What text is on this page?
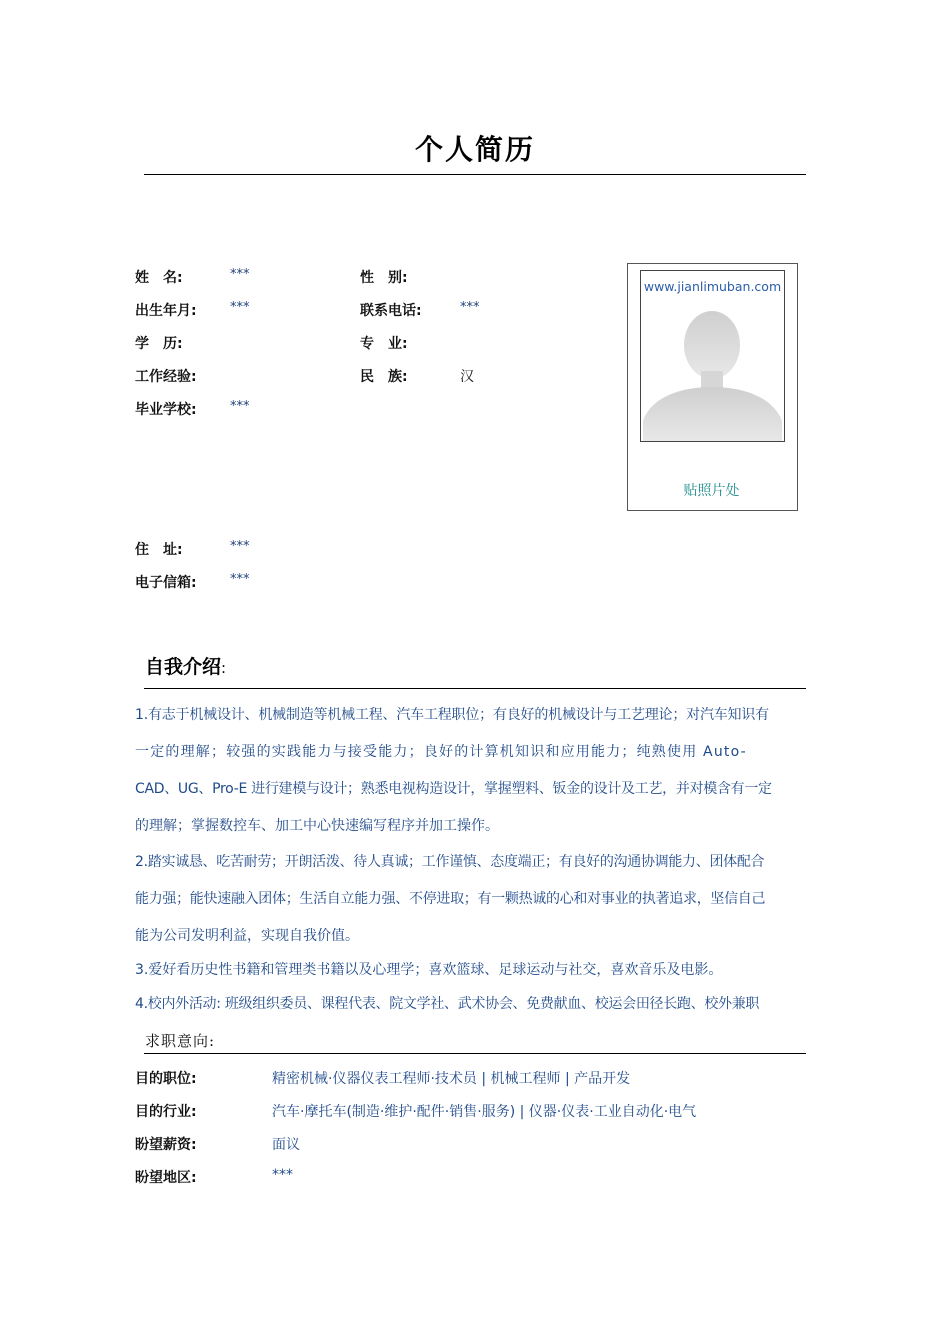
个人简历
姓　名:	***	性　别:
出生年月:	***	联系电话:	***
学　历:	专　业:
工作经验:	民　族:	汉
毕业学校:	***
www.jianlimuban.com
贴照片处
住　址:	***
电子信箱:	***
自我介绍:
1.有志于机械设计、机械制造等机械工程、汽车工程职位；有良好的机械设计与工艺理论；对汽车知识有
一定的理解；较强的实践能力与接受能力；良好的计算机知识和应用能力；纯熟使用 Auto-
CAD、UG、Pro-E 进行建模与设计；熟悉电视构造设计，掌握塑料、钣金的设计及工艺，并对模含有一定
的理解；掌握数控车、加工中心快速编写程序并加工操作。
2.踏实诚恳、吃苦耐劳；开朗活泼、待人真诚；工作谨慎、态度端正；有良好的沟通协调能力、团体配合
能力强；能快速融入团体；生活自立能力强、不停进取；有一颗热诚的心和对事业的执著追求，坚信自己
能为公司发明利益，实现自我价值。
3.爱好看历史性书籍和管理类书籍以及心理学；喜欢篮球、足球运动与社交，喜欢音乐及电影。
4.校内外活动: 班级组织委员、课程代表、院文学社、武术协会、免费献血、校运会田径长跑、校外兼职
求职意向:
目的职位:	精密机械·仪器仪表工程师·技术员 | 机械工程师 | 产品开发
目的行业:	汽车·摩托车(制造·维护·配件·销售·服务) | 仪器·仪表·工业自动化·电气
盼望薪资:	面议
盼望地区:	***
